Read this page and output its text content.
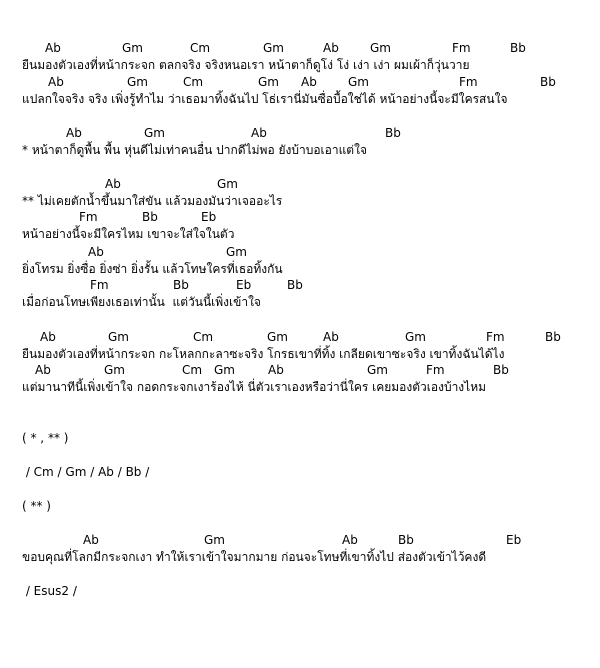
Ab	Gm	Cm	Gm	Ab	Gm	Fm	Bb
ยืนมองตัวเองที่หน้ากระจก ตลกจริง จริงหนอเรา หน้าตาก็ดูโง่ โง่ เง่า เง่า ผมเผ้าก็วุ่นวาย
Ab	Gm	Cm	Gm Ab	Gm	Fm	Bb
แปลกใจจริง จริง เพิ่งรู้ทำไม ว่าเธอมาทิ้งฉันไป โธ่เรานี่มันซื่อบื้อใช่ได้ หน้าอย่างนี้จะมีใครสนใจ
Ab	Gm	Ab	Bb
* หน้าตาก็ดูพื้น พื้น หุ่นดีไม่เท่าคนอื่น ปากดีไม่พอ ยังบ้าบอเอาแต่ใจ
Ab	Gm
** ไม่เคยตักน้ำขึ้นมาใส่ขัน แล้วมองมันว่าเจออะไร
Fm	Bb	Eb
หน้าอย่างนี้จะมีใครไหม เขาจะใส่ใจในตัว
Ab	Gm
ยิ่งโทรม ยิ่งซื่อ ยิ่งซ่า ยิ่งรั้น แล้วโทษใครที่เธอทิ้งกัน
Fm	Bb	Eb	Bb
เมื่อก่อนโทษเพียงเธอเท่านั้น  แต่วันนี้เพิ่งเข้าใจ
Ab	Gm	Cm	Gm	Ab	Gm	Fm	Bb
ยืนมองตัวเองที่หน้ากระจก กะโหลกกะลาซะจริง โกรธเขาที่ทิ้ง เกลียดเขาซะจริง เขาทิ้งฉันได้ไง
Ab	Gm	Cm Gm	Ab	Gm	Fm	Bb
แต่มานาทีนี้เพิ่งเข้าใจ กอดกระจกเงาร้องไห้ นี่ตัวเราเองหรือว่านี่ใคร เคยมองตัวเองบ้างไหม
Ab	Gm	Ab	Bb	Eb
ขอบคุณที่โลกมีกระจกเงา ทำให้เราเข้าใจมากมาย ก่อนจะโทษที่เขาทิ้งไป ส่องตัวเข้าไว้คงดี
( * , ** )
/ Cm / Gm / Ab / Bb /
( ** )
/ Esus2 /
